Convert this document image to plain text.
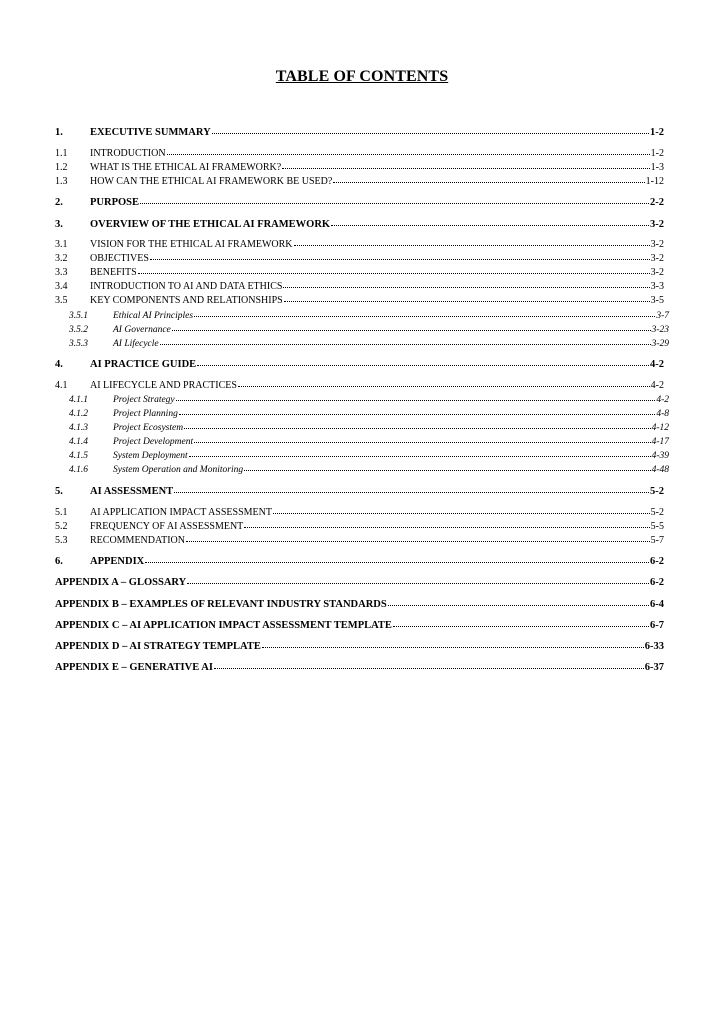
TABLE OF CONTENTS
1.	EXECUTIVE SUMMARY	1-2
1.1	INTRODUCTION	1-2
1.2	WHAT IS THE ETHICAL AI FRAMEWORK?	1-3
1.3	HOW CAN THE ETHICAL AI FRAMEWORK BE USED?	1-12
2.	PURPOSE	2-2
3.	OVERVIEW OF THE ETHICAL AI FRAMEWORK	3-2
3.1	VISION FOR THE ETHICAL AI FRAMEWORK	3-2
3.2	OBJECTIVES	3-2
3.3	BENEFITS	3-2
3.4	INTRODUCTION TO AI AND DATA ETHICS	3-3
3.5	KEY COMPONENTS AND RELATIONSHIPS	3-5
3.5.1	Ethical AI Principles	3-7
3.5.2	AI Governance	3-23
3.5.3	AI Lifecycle	3-29
4.	AI PRACTICE GUIDE	4-2
4.1	AI LIFECYCLE AND PRACTICES	4-2
4.1.1	Project Strategy	4-2
4.1.2	Project Planning	4-8
4.1.3	Project Ecosystem	4-12
4.1.4	Project Development	4-17
4.1.5	System Deployment	4-39
4.1.6	System Operation and Monitoring	4-48
5.	AI ASSESSMENT	5-2
5.1	AI APPLICATION IMPACT ASSESSMENT	5-2
5.2	FREQUENCY OF AI ASSESSMENT	5-5
5.3	RECOMMENDATION	5-7
6.	APPENDIX	6-2
APPENDIX A – GLOSSARY	6-2
APPENDIX B – EXAMPLES OF RELEVANT INDUSTRY STANDARDS	6-4
APPENDIX C – AI APPLICATION IMPACT ASSESSMENT TEMPLATE	6-7
APPENDIX D – AI STRATEGY TEMPLATE	6-33
APPENDIX E – GENERATIVE AI	6-37
